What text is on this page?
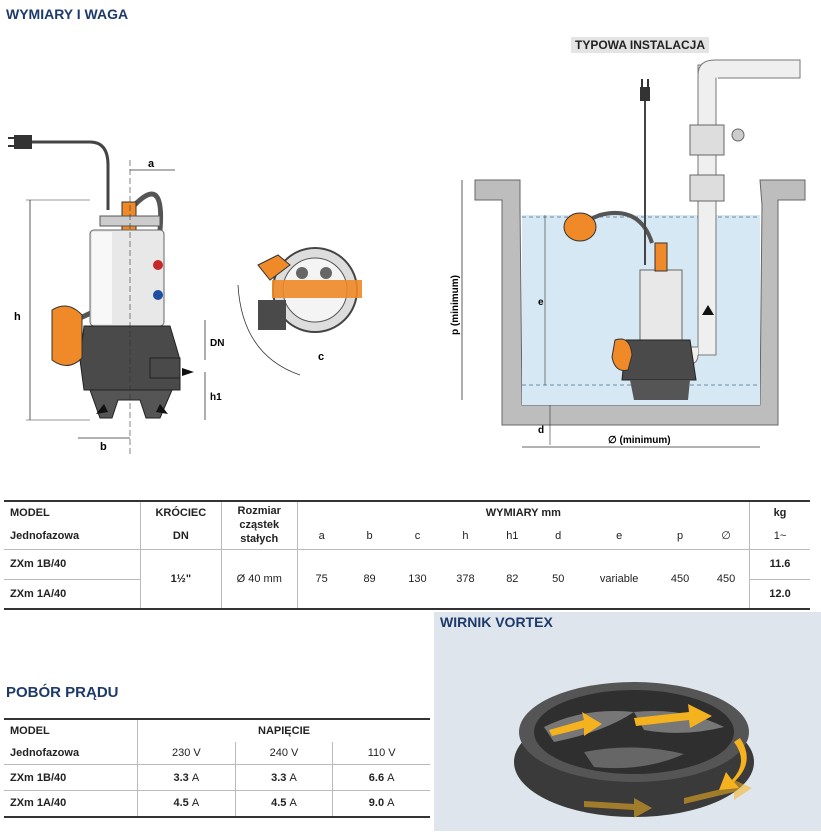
WYMIARY I WAGA
TYPOWA INSTALACJA
h
a
b
h1
DN
c
p (minimum)	e
d
∅ (minimum)
MODEL	KRÓCIEC	Rozmiar cząstek stałych	WYMIARY mm									kg
Jednofazowa	DN		a	b	c	h	h1	d	e	p	∅	1~
ZXm 1B/40	1½"	Ø 40 mm	75	89	130	378	82	50	variable	450	450	11.6
ZXm 1A/40												12.0
POBÓR PRĄDU
MODEL	NAPIĘCIE		
Jednofazowa	230 V	240 V	110 V
ZXm 1B/40	3.3 A	3.3 A	6.6 A
ZXm 1A/40	4.5 A	4.5 A	9.0 A
WIRNIK VORTEX
